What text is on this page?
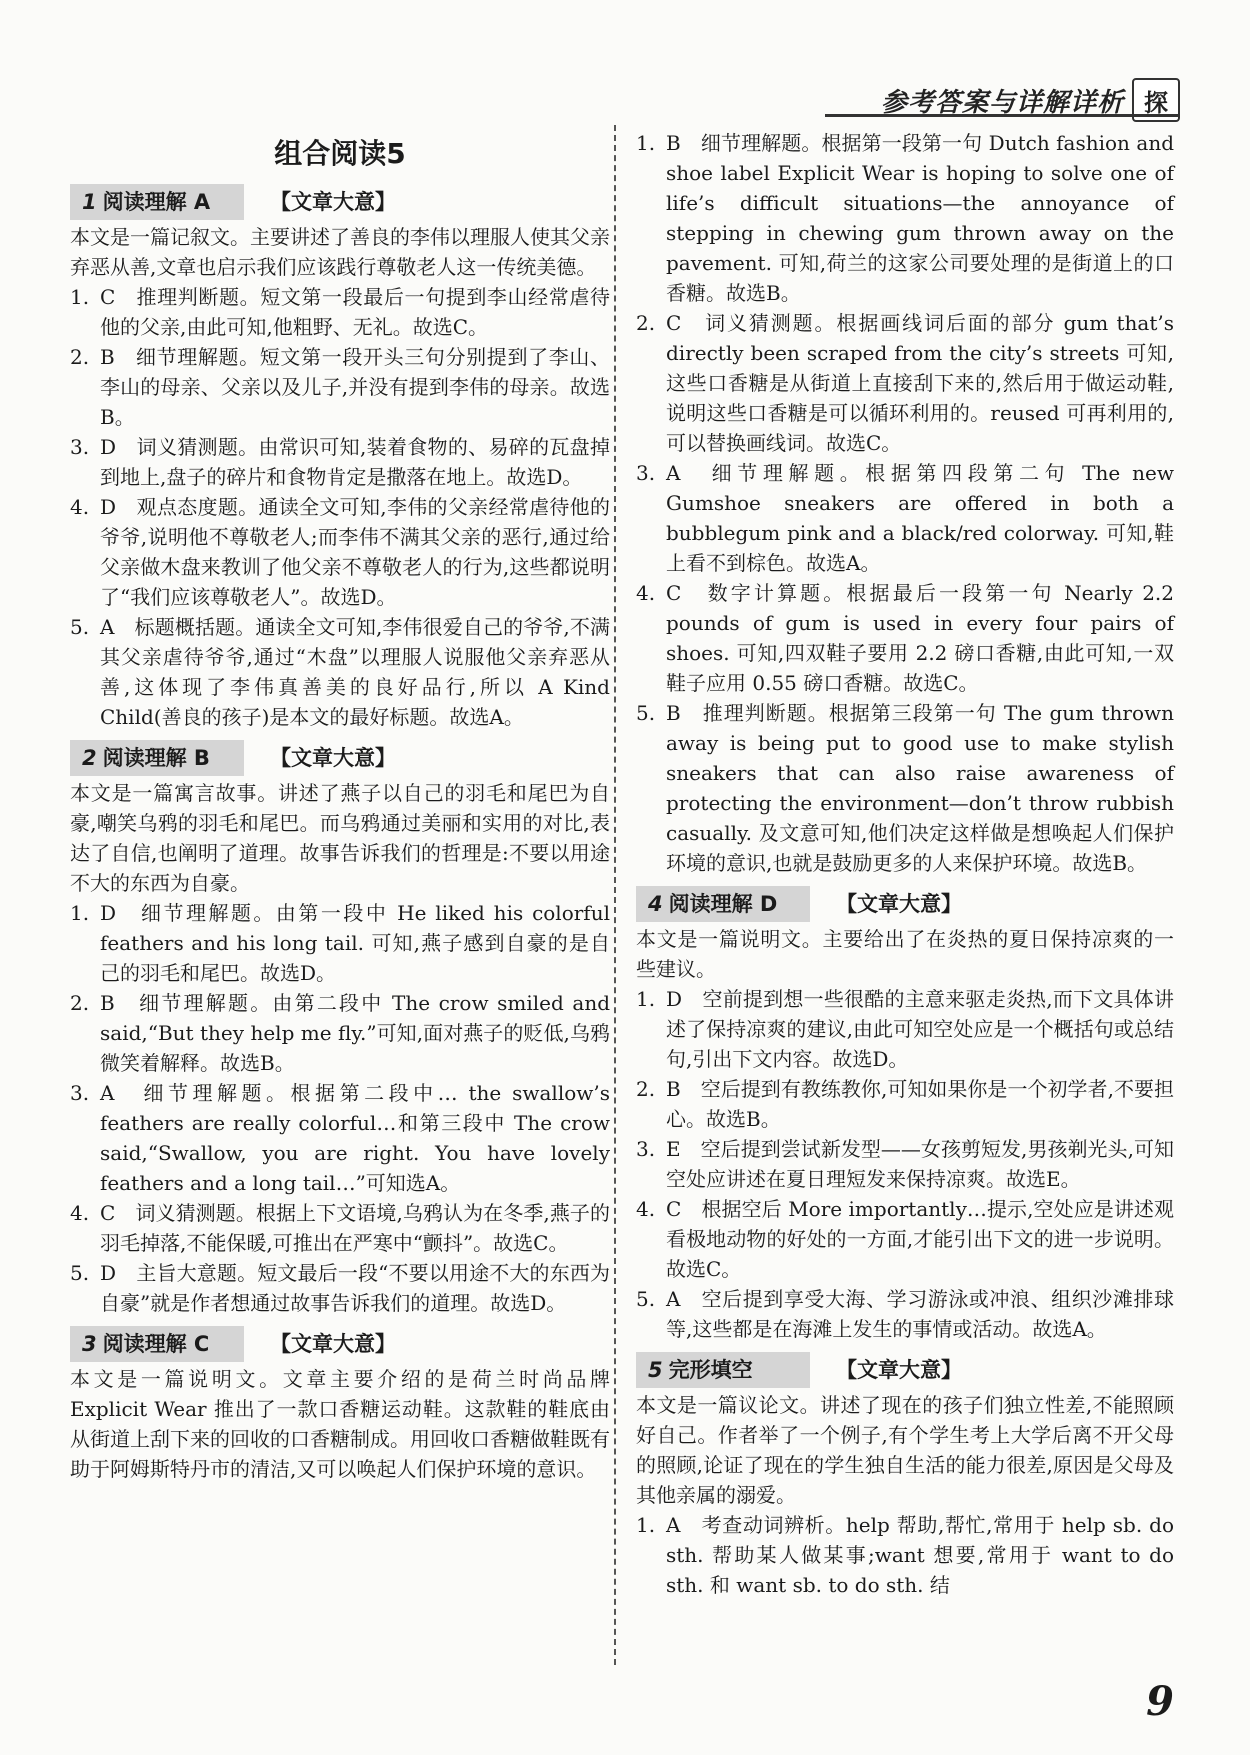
参考答案与详解详析 探
组合阅读5
1 阅读理解 A	【文章大意】

本文是一篇记叙文。主要讲述了善良的李伟以理服人使其父亲弃恶从善,文章也启示我们应该践行尊敬老人这一传统美德。

1. C　推理判断题。短文第一段最后一句提到李山经常虐待他的父亲,由此可知,他粗野、无礼。故选C。
2. B　细节理解题。短文第一段开头三句分别提到了李山、李山的母亲、父亲以及儿子,并没有提到李伟的母亲。故选B。
3. D　词义猜测题。由常识可知,装着食物的、易碎的瓦盘掉到地上,盘子的碎片和食物肯定是撒落在地上。故选D。
4. D　观点态度题。通读全文可知,李伟的父亲经常虐待他的爷爷,说明他不尊敬老人;而李伟不满其父亲的恶行,通过给父亲做木盘来教训了他父亲不尊敬老人的行为,这些都说明了“我们应该尊敬老人”。故选D。
5. A　标题概括题。通读全文可知,李伟很爱自己的爷爷,不满其父亲虐待爷爷,通过“木盘”以理服人说服他父亲弃恶从善,这体现了李伟真善美的良好品行,所以 A Kind Child(善良的孩子)是本文的最好标题。故选A。
2 阅读理解 B	【文章大意】

本文是一篇寓言故事。讲述了燕子以自己的羽毛和尾巴为自豪,嘲笑乌鸦的羽毛和尾巴。而乌鸦通过美丽和实用的对比,表达了自信,也阐明了道理。故事告诉我们的哲理是:不要以用途不大的东西为自豪。

1. D　细节理解题。由第一段中 He liked his colorful feathers and his long tail. 可知,燕子感到自豪的是自己的羽毛和尾巴。故选D。
2. B　细节理解题。由第二段中 The crow smiled and said,“But they help me fly.”可知,面对燕子的贬低,乌鸦微笑着解释。故选B。
3. A　细节理解题。根据第二段中… the swallow’s feathers are really colorful…和第三段中 The crow said,“Swallow, you are right. You have lovely feathers and a long tail…”可知选A。
4. C　词义猜测题。根据上下文语境,乌鸦认为在冬季,燕子的羽毛掉落,不能保暖,可推出在严寒中“颤抖”。故选C。
5. D　主旨大意题。短文最后一段“不要以用途不大的东西为自豪”就是作者想通过故事告诉我们的道理。故选D。
3 阅读理解 C	【文章大意】

本文是一篇说明文。文章主要介绍的是荷兰时尚品牌 Explicit Wear 推出了一款口香糖运动鞋。这款鞋的鞋底由从街道上刮下来的回收的口香糖制成。用回收口香糖做鞋既有助于阿姆斯特丹市的清洁,又可以唤起人们保护环境的意识。

1. B　细节理解题。根据第一段第一句 Dutch fashion and shoe label Explicit Wear is hoping to solve one of life’s difficult situations—the annoyance of stepping in chewing gum thrown away on the pavement. 可知,荷兰的这家公司要处理的是街道上的口香糖。故选B。
2. C　词义猜测题。根据画线词后面的部分 gum that’s directly been scraped from the city’s streets 可知,这些口香糖是从街道上直接刮下来的,然后用于做运动鞋,说明这些口香糖是可以循环利用的。reused 可再利用的,可以替换画线词。故选C。
3. A　细节理解题。根据第四段第二句 The new Gumshoe sneakers are offered in both a bubblegum pink and a black/red colorway. 可知,鞋上看不到棕色。故选A。
4. C　数字计算题。根据最后一段第一句 Nearly 2.2 pounds of gum is used in every four pairs of shoes. 可知,四双鞋子要用 2.2 磅口香糖,由此可知,一双鞋子应用 0.55 磅口香糖。故选C。
5. B　推理判断题。根据第三段第一句 The gum thrown away is being put to good use to make stylish sneakers that can also raise awareness of protecting the environment—don’t throw rubbish casually. 及文意可知,他们决定这样做是想唤起人们保护环境的意识,也就是鼓励更多的人来保护环境。故选B。
4 阅读理解 D	【文章大意】

本文是一篇说明文。主要给出了在炎热的夏日保持凉爽的一些建议。

1. D　空前提到想一些很酷的主意来驱走炎热,而下文具体讲述了保持凉爽的建议,由此可知空处应是一个概括句或总结句,引出下文内容。故选D。
2. B　空后提到有教练教你,可知如果你是一个初学者,不要担心。故选B。
3. E　空后提到尝试新发型——女孩剪短发,男孩剃光头,可知空处应讲述在夏日理短发来保持凉爽。故选E。
4. C　根据空后 More importantly…提示,空处应是讲述观看极地动物的好处的一方面,才能引出下文的进一步说明。故选C。
5. A　空后提到享受大海、学习游泳或冲浪、组织沙滩排球等,这些都是在海滩上发生的事情或活动。故选A。
5 完形填空	【文章大意】

本文是一篇议论文。讲述了现在的孩子们独立性差,不能照顾好自己。作者举了一个例子,有个学生考上大学后离不开父母的照顾,论证了现在的学生独自生活的能力很差,原因是父母及其他亲属的溺爱。

1. A　考查动词辨析。help 帮助,帮忙,常用于 help sb. do sth. 帮助某人做某事;want 想要,常用于 want to do sth. 和 want sb. to do sth. 结
9
